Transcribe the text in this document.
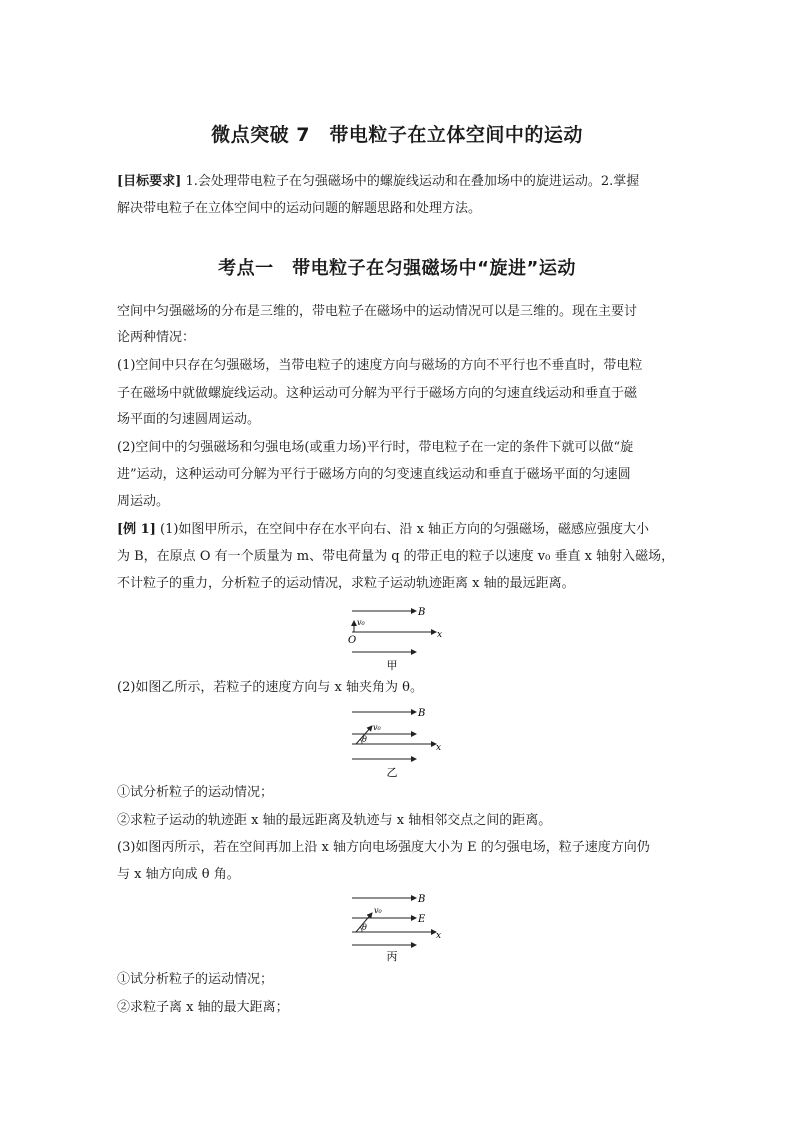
微点突破 7　带电粒子在立体空间中的运动
[目标要求] 1.会处理带电粒子在匀强磁场中的螺旋线运动和在叠加场中的旋进运动。2.掌握
解决带电粒子在立体空间中的运动问题的解题思路和处理方法。
考点一　带电粒子在匀强磁场中“旋进”运动
空间中匀强磁场的分布是三维的，带电粒子在磁场中的运动情况可以是三维的。现在主要讨
论两种情况：
(1)空间中只存在匀强磁场，当带电粒子的速度方向与磁场的方向不平行也不垂直时，带电粒
子在磁场中就做螺旋线运动。这种运动可分解为平行于磁场方向的匀速直线运动和垂直于磁
场平面的匀速圆周运动。
(2)空间中的匀强磁场和匀强电场(或重力场)平行时，带电粒子在一定的条件下就可以做“旋
进”运动，这种运动可分解为平行于磁场方向的匀变速直线运动和垂直于磁场平面的匀速圆
周运动。
[例 1] (1)如图甲所示，在空间中存在水平向右、沿 x 轴正方向的匀强磁场，磁感应强度大小
为 B，在原点 O 有一个质量为 m、带电荷量为 q 的带正电的粒子以速度 v₀ 垂直 x 轴射入磁场，
不计粒子的重力，分析粒子的运动情况，求粒子运动轨迹距离 x 轴的最远距离。
B
v₀
O	x
甲
(2)如图乙所示，若粒子的速度方向与 x 轴夹角为 θ。
B
v₀
θ
x
乙
①试分析粒子的运动情况；
②求粒子运动的轨迹距 x 轴的最远距离及轨迹与 x 轴相邻交点之间的距离。
(3)如图丙所示，若在空间再加上沿 x 轴方向电场强度大小为 E 的匀强电场，粒子速度方向仍
与 x 轴方向成 θ 角。
B
E
v₀
θ
x
丙
①试分析粒子的运动情况；
②求粒子离 x 轴的最大距离；
